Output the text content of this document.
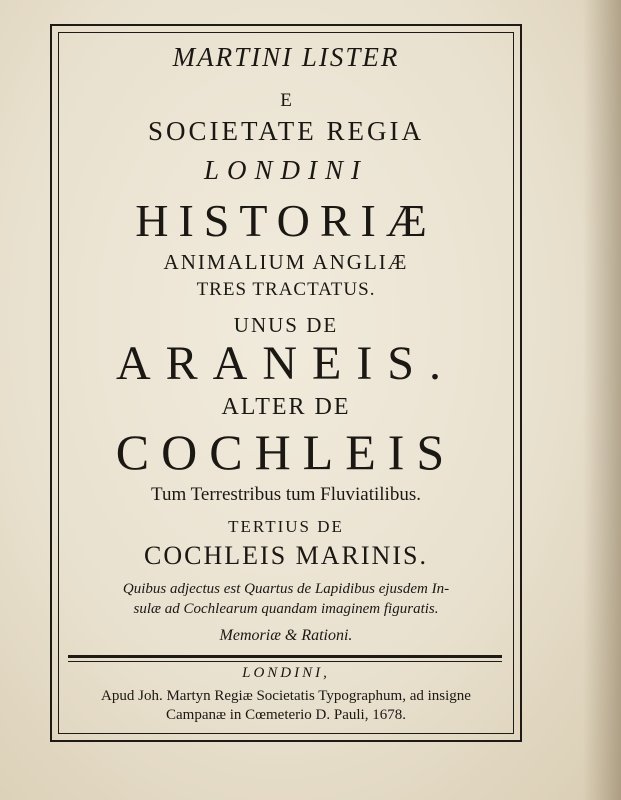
MARTINI LISTER
E
SOCIETATE REGIA
LONDINI
HISTORIÆ
ANIMALIUM ANGLIÆ
TRES TRACTATUS.
UNUS DE
ARANEIS.
ALTER DE
COCHLEIS
Tum Terrestribus tum Fluviatilibus.
TERTIUS DE
COCHLEIS MARINIS.
Quibus adjectus est Quartus de Lapidibus ejusdem In-
sulæ ad Cochlearum quandam imaginem figuratis.
Memoriæ & Rationi.
LONDINI,
Apud Joh. Martyn Regiæ Societatis Typographum, ad insigne
Campanæ in Cœmeterio D. Pauli, 1678.
